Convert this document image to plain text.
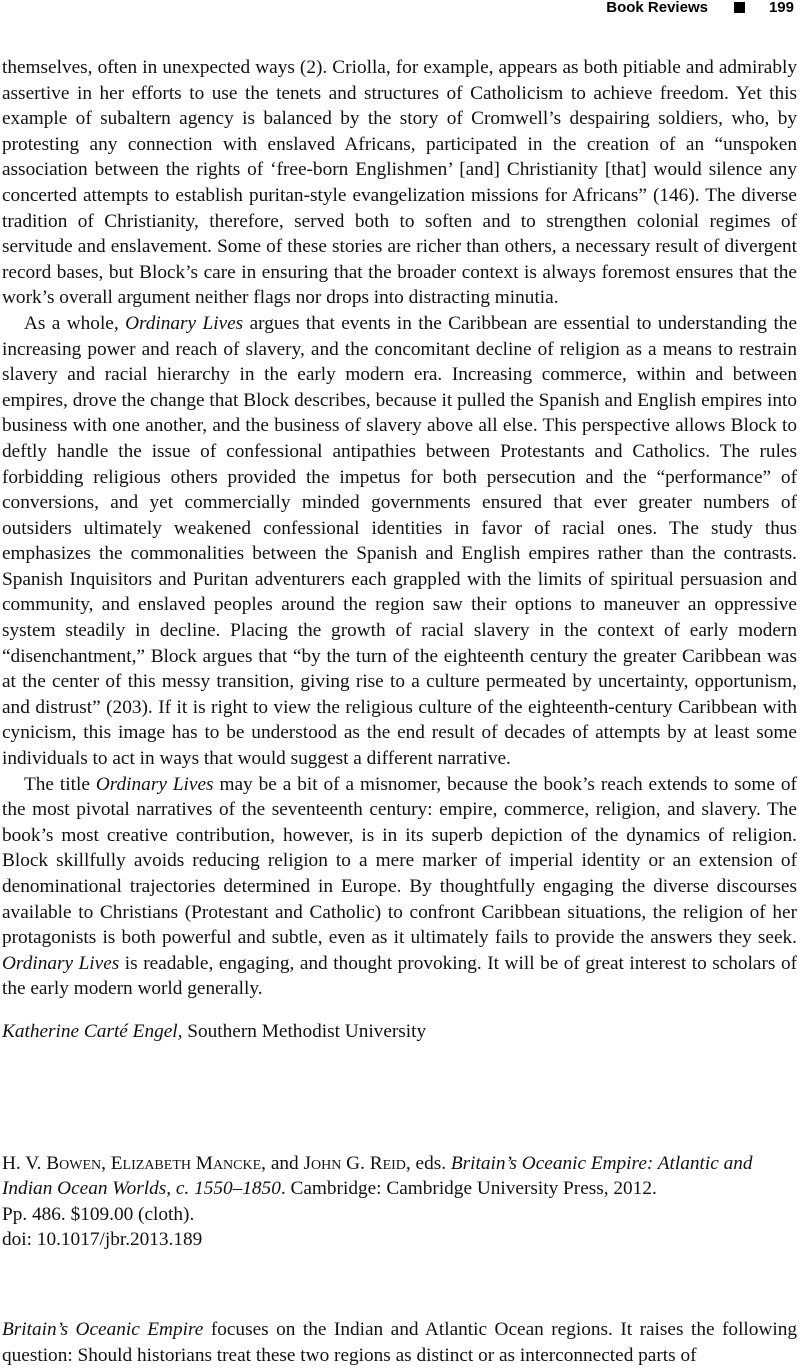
Book Reviews	199

themselves, often in unexpected ways (2). Criolla, for example, appears as both pitiable and admirably assertive in her efforts to use the tenets and structures of Catholicism to achieve freedom. Yet this example of subaltern agency is balanced by the story of Cromwell’s despairing soldiers, who, by protesting any connection with enslaved Africans, participated in the creation of an “unspoken association between the rights of ‘free-born Englishmen’ [and] Christianity [that] would silence any concerted attempts to establish puritan-style evangelization missions for Africans” (146). The diverse tradition of Christianity, therefore, served both to soften and to strengthen colonial regimes of servitude and enslavement. Some of these stories are richer than others, a necessary result of divergent record bases, but Block’s care in ensuring that the broader context is always foremost ensures that the work’s overall argument neither flags nor drops into distracting minutia.

As a whole, Ordinary Lives argues that events in the Caribbean are essential to understanding the increasing power and reach of slavery, and the concomitant decline of religion as a means to restrain slavery and racial hierarchy in the early modern era. Increasing commerce, within and between empires, drove the change that Block describes, because it pulled the Spanish and English empires into business with one another, and the business of slavery above all else. This perspective allows Block to deftly handle the issue of confessional antipathies between Protestants and Catholics. The rules forbidding religious others provided the impetus for both persecution and the “performance” of conversions, and yet commercially minded governments ensured that ever greater numbers of outsiders ultimately weakened confessional identities in favor of racial ones. The study thus emphasizes the commonalities between the Spanish and English empires rather than the contrasts. Spanish Inquisitors and Puritan adventurers each grappled with the limits of spiritual persuasion and community, and enslaved peoples around the region saw their options to maneuver an oppressive system steadily in decline. Placing the growth of racial slavery in the context of early modern “disenchantment,” Block argues that “by the turn of the eighteenth century the greater Caribbean was at the center of this messy transition, giving rise to a culture permeated by uncertainty, opportunism, and distrust” (203). If it is right to view the religious culture of the eighteenth-century Caribbean with cynicism, this image has to be understood as the end result of decades of attempts by at least some individuals to act in ways that would suggest a different narrative.

The title Ordinary Lives may be a bit of a misnomer, because the book’s reach extends to some of the most pivotal narratives of the seventeenth century: empire, commerce, religion, and slavery. The book’s most creative contribution, however, is in its superb depiction of the dynamics of religion. Block skillfully avoids reducing religion to a mere marker of imperial identity or an extension of denominational trajectories determined in Europe. By thoughtfully engaging the diverse discourses available to Christians (Protestant and Catholic) to confront Caribbean situations, the religion of her protagonists is both powerful and subtle, even as it ultimately fails to provide the answers they seek. Ordinary Lives is readable, engaging, and thought provoking. It will be of great interest to scholars of the early modern world generally.

Katherine Carté Engel, Southern Methodist University

H. V. Bowen, Elizabeth Mancke, and John G. Reid, eds. Britain’s Oceanic Empire: Atlantic and Indian Ocean Worlds, c. 1550–1850. Cambridge: Cambridge University Press, 2012.
Pp. 486. $109.00 (cloth).
doi: 10.1017/jbr.2013.189

Britain’s Oceanic Empire focuses on the Indian and Atlantic Ocean regions. It raises the following question: Should historians treat these two regions as distinct or as interconnected parts of
